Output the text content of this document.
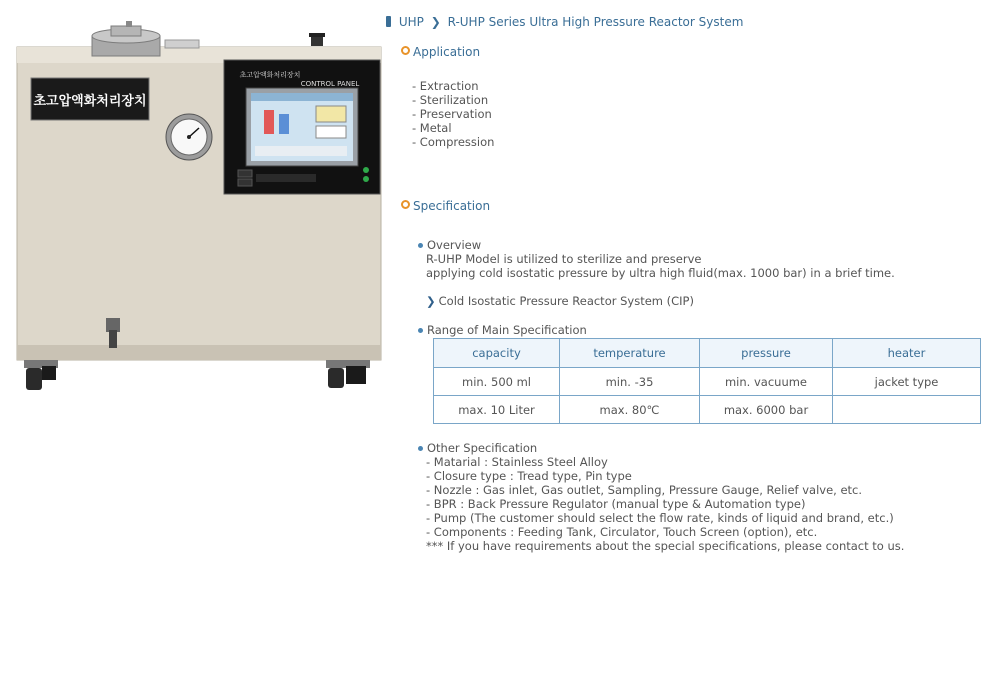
초고압액화처리장치
초고압액화처리장치
CONTROL PANEL
UHP ❯ R-UHP Series Ultra High Pressure Reactor System
Application
- Extraction
- Sterilization
- Preservation
- Metal
- Compression
Specification
Overview

R-UHP Model is utilized to sterilize and preserve

applying cold isostatic pressure by ultra high fluid(max. 1000 bar) in a brief time.

❯ Cold Isostatic Pressure Reactor System (CIP)
Range of Main Specification
capacity	temperature	pressure	heater
min. 500 ml	min. -35	min. vacuume	jacket type
max. 10 Liter	max. 80℃	max. 6000 bar	
Other Specification
- Matarial : Stainless Steel Alloy
- Closure type : Tread type, Pin type
- Nozzle : Gas inlet, Gas outlet, Sampling, Pressure Gauge, Relief valve, etc.
- BPR : Back Pressure Regulator (manual type & Automation type)
- Pump (The customer should select the flow rate, kinds of liquid and brand, etc.)
- Components : Feeding Tank, Circulator, Touch Screen (option), etc.
*** If you have requirements about the special specifications, please contact to us.
